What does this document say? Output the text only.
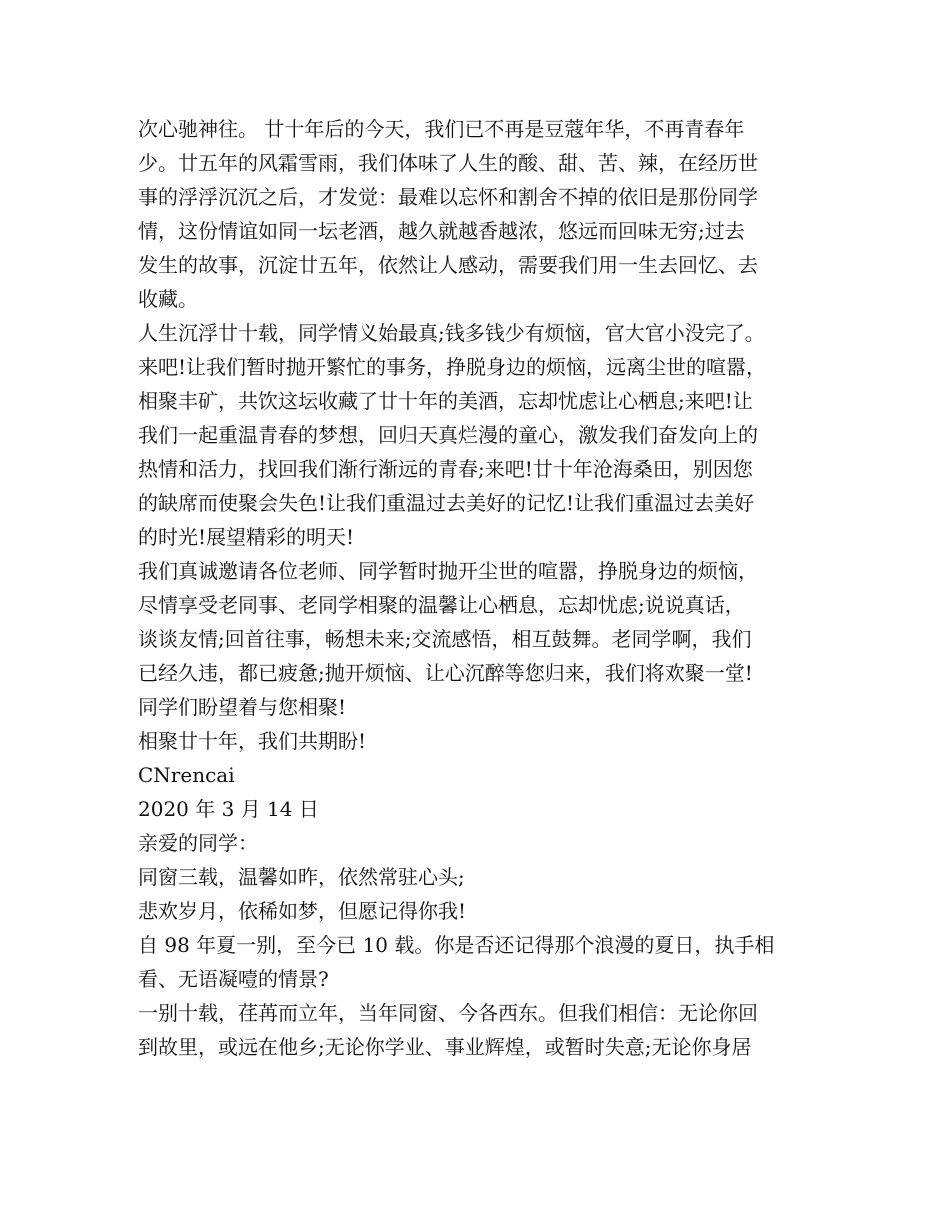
次心驰神往。 廿十年后的今天，我们已不再是豆蔻年华，不再青春年
少。廿五年的风霜雪雨，我们体味了人生的酸、甜、苦、辣，在经历世
事的浮浮沉沉之后，才发觉：最难以忘怀和割舍不掉的依旧是那份同学
情，这份情谊如同一坛老酒，越久就越香越浓，悠远而回味无穷;过去
发生的故事，沉淀廿五年，依然让人感动，需要我们用一生去回忆、去
收藏。
人生沉浮廿十载，同学情义始最真;钱多钱少有烦恼，官大官小没完了。
来吧!让我们暂时抛开繁忙的事务，挣脱身边的烦恼，远离尘世的喧嚣，
相聚丰矿，共饮这坛收藏了廿十年的美酒，忘却忧虑让心栖息;来吧!让
我们一起重温青春的梦想，回归天真烂漫的童心，激发我们奋发向上的
热情和活力，找回我们渐行渐远的青春;来吧!廿十年沧海桑田，别因您
的缺席而使聚会失色!让我们重温过去美好的记忆!让我们重温过去美好
的时光!展望精彩的明天!
我们真诚邀请各位老师、同学暂时抛开尘世的喧嚣，挣脱身边的烦恼，
尽情享受老同事、老同学相聚的温馨让心栖息，忘却忧虑;说说真话，
谈谈友情;回首往事，畅想未来;交流感悟，相互鼓舞。老同学啊，我们
已经久违，都已疲惫;抛开烦恼、让心沉醉等您归来，我们将欢聚一堂!
同学们盼望着与您相聚!
相聚廿十年，我们共期盼!
CNrencai
2020 年 3 月 14 日
亲爱的同学：
同窗三载，温馨如昨，依然常驻心头;
悲欢岁月，依稀如梦，但愿记得你我!
自 98 年夏一别，至今已 10 载。你是否还记得那个浪漫的夏日，执手相
看、无语凝噎的情景?
一别十载，荏苒而立年，当年同窗、今各西东。但我们相信：无论你回
到故里，或远在他乡;无论你学业、事业辉煌，或暂时失意;无论你身居
